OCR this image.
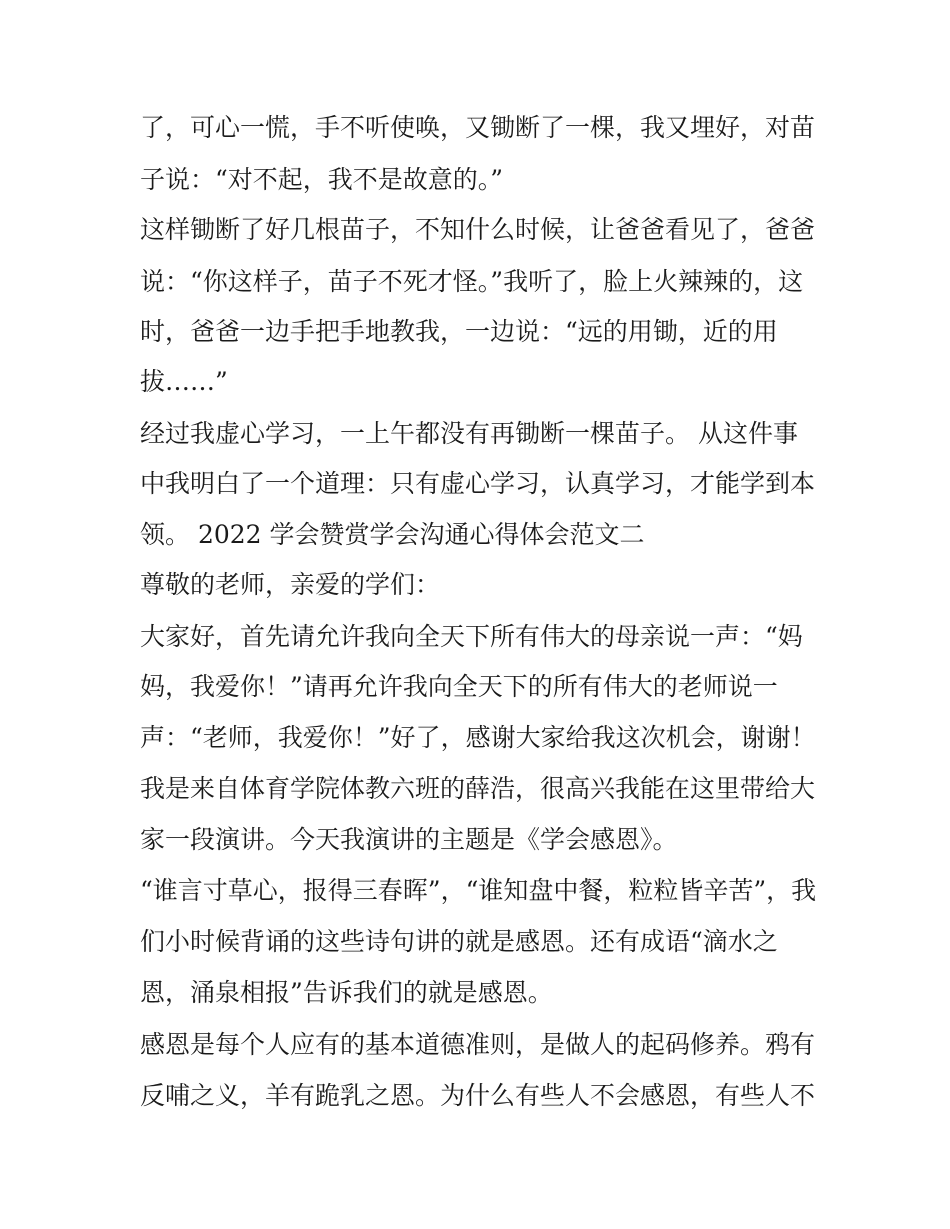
了，可心一慌，手不听使唤，又锄断了一棵，我又埋好，对苗
子说：“对不起，我不是故意的。”
这样锄断了好几根苗子，不知什么时候，让爸爸看见了，爸爸
说：“你这样子，苗子不死才怪。”我听了，脸上火辣辣的，这
时，爸爸一边手把手地教我，一边说：“远的用锄，近的用
拔……”
经过我虚心学习，一上午都没有再锄断一棵苗子。 从这件事
中我明白了一个道理：只有虚心学习，认真学习，才能学到本
领。 2022 学会赞赏学会沟通心得体会范文二
尊敬的老师，亲爱的学们：
大家好，首先请允许我向全天下所有伟大的母亲说一声：“妈
妈，我爱你！”请再允许我向全天下的所有伟大的老师说一
声：“老师，我爱你！”好了，感谢大家给我这次机会，谢谢！
我是来自体育学院体教六班的薛浩，很高兴我能在这里带给大
家一段演讲。今天我演讲的主题是《学会感恩》。
“谁言寸草心，报得三春晖”，“谁知盘中餐，粒粒皆辛苦”，我
们小时候背诵的这些诗句讲的就是感恩。还有成语“滴水之
恩，涌泉相报”告诉我们的就是感恩。
感恩是每个人应有的基本道德准则，是做人的起码修养。鸦有
反哺之义，羊有跪乳之恩。为什么有些人不会感恩，有些人不
